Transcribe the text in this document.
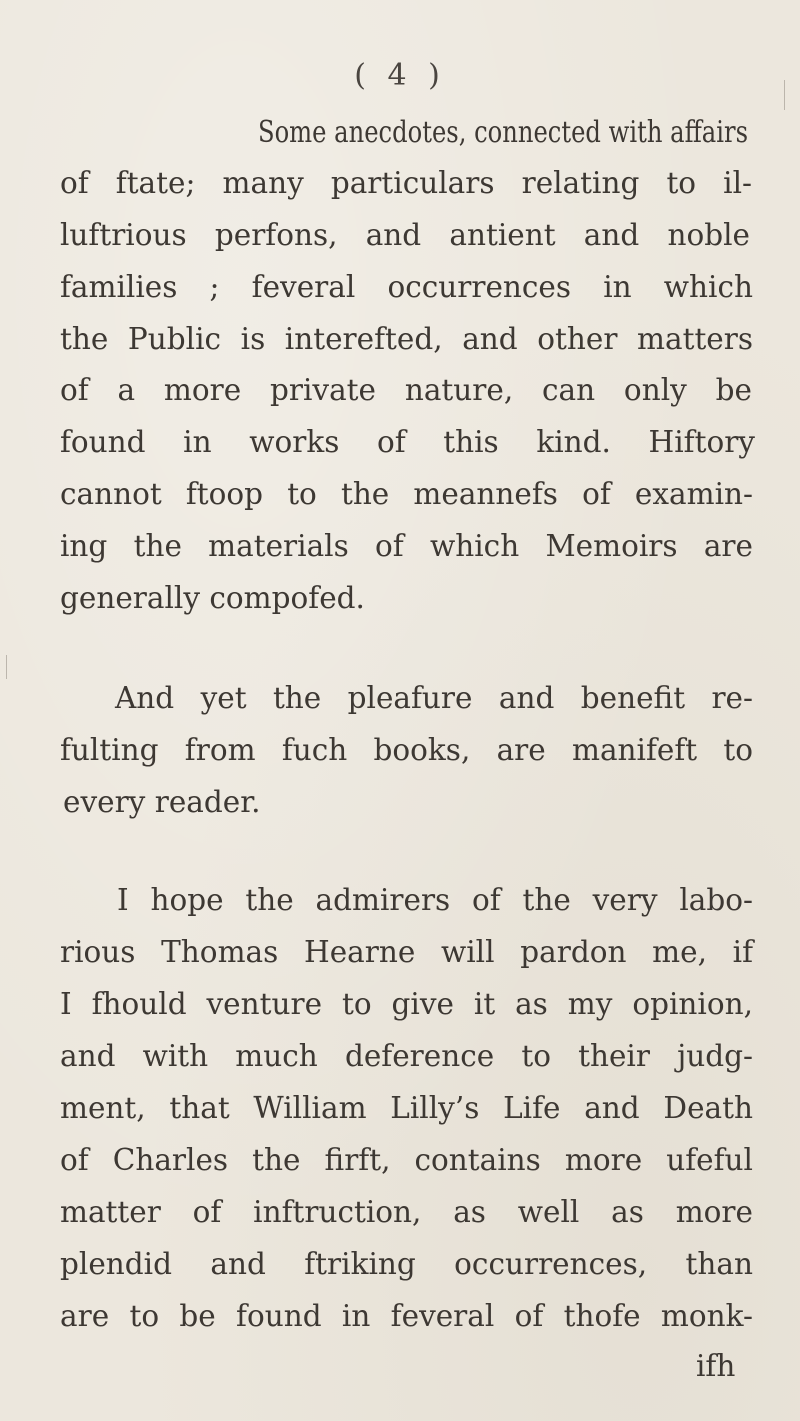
( 4 )
Some anecdotes, connected with affairs
of ftate; many particulars relating to il-
luftrious perfons, and antient and noble
families ; feveral occurrences in which
the Public is interefted, and other matters
of a more private nature, can only be
found in works of this kind. Hiftory
cannot ftoop to the meannefs of examin-
ing the materials of which Memoirs are
generally compofed.
And yet the pleafure and benefit re-
fulting from fuch books, are manifeft to
every reader.
I hope the admirers of the very labo-
rious Thomas Hearne will pardon me, if
I fhould venture to give it as my opinion,
and with much deference to their judg-
ment, that William Lilly’s Life and Death
of Charles the firft, contains more ufeful
matter of inftruction, as well as more
plendid and ftriking occurrences, than
are to be found in feveral of thofe monk-
ifh
